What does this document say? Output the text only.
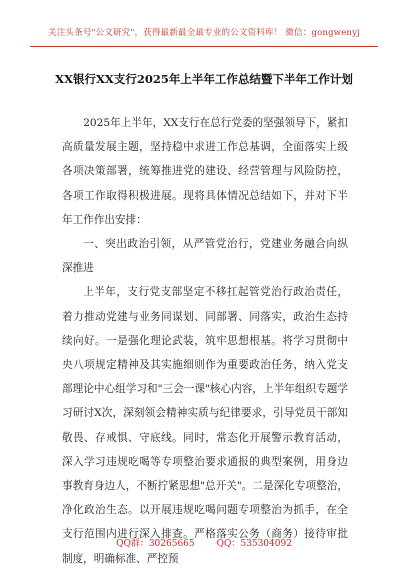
关注头条号"公文研究"，获得最新最全最专业的公文资料库！ 微信：gongwenyj
XX银行XX支行2025年上半年工作总结暨下半年工作计划

2025年上半年，XX支行在总行党委的坚强领导下，紧扣高质量发展主题，坚持稳中求进工作总基调，全面落实上级各项决策部署，统筹推进党的建设、经营管理与风险防控，各项工作取得积极进展。现将具体情况总结如下，并对下半年工作作出安排：

一、突出政治引领，从严管党治行，党建业务融合向纵深推进

上半年，支行党支部坚定不移扛起管党治行政治责任，着力推动党建与业务同谋划、同部署、同落实，政治生态持续向好。一是强化理论武装，筑牢思想根基。将学习贯彻中央八项规定精神及其实施细则作为重要政治任务，纳入党支部理论中心组学习和"三会一课"核心内容，上半年组织专题学习研讨X次，深刻领会精神实质与纪律要求，引导党员干部知敬畏、存戒惧、守底线。同时，常态化开展警示教育活动，深入学习违规吃喝等专项整治要求通报的典型案例，用身边事教育身边人，不断拧紧思想"总开关"。二是深化专项整治，净化政治生态。以开展违规吃喝问题专项整治为抓手，在全支行范围内进行深入排查。严格落实公务（商务）接待审批制度，明确标准、严控预

QQ群：30265665 QQ：535304092
